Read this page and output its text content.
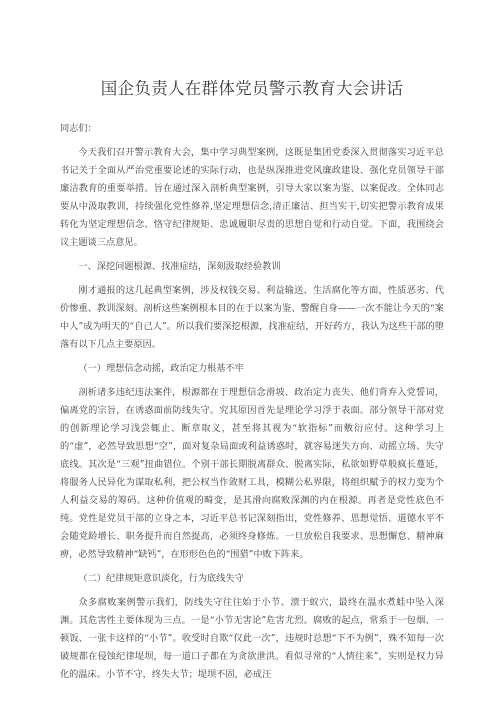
国企负责人在群体党员警示教育大会讲话

同志们：

今天我们召开警示教育大会，集中学习典型案例，这既是集团党委深入贯彻落实习近平总书记关于全面从严治党重要论述的实际行动，也是纵深推进党风廉政建设、强化党员领导干部廉洁教育的重要举措。旨在通过深入剖析典型案例，引导大家以案为鉴、以案促改。全体同志要从中汲取教训，持续强化党性修养,坚定理想信念,清正廉洁、担当实干,切实把警示教育成果转化为坚定理想信念、恪守纪律规矩、忠诚履职尽责的思想自觉和行动自觉。下面，我围绕会议主题谈三点意见。

一、深挖问题根源、找准症结，深刻汲取经验教训

刚才通报的这几起典型案例，涉及权钱交易、利益输送、生活腐化等方面，性质恶劣、代价惨重、教训深刻。剖析这些案例根本目的在于以案为鉴、警醒自身——一次不能让今天的“案中人”成为明天的“自己人”。所以我们要深挖根源，找准症结，开好药方，我认为这些干部的堕落有以下几点主要原因。

（一）理想信念动摇，政治定力根基不牢

剖析诸多违纪违法案件，根源都在于理想信念滑坡、政治定力丧失、他们背弃入党誓词，偏离党的宗旨，在诱惑面前防线失守。究其原因首先是理论学习浮于表面。部分领导干部对党的创新理论学习浅尝辄止、断章取义，甚至将其视为“软指标”而敷衍应付。这种学习上的“虚”，必然导致思想“空”，面对复杂局面或利益诱惑时，就容易迷失方向、动摇立场、失守底线。其次是“三观”扭曲错位。个别干部长期脱离群众、脱离实际，私欲如野草般疯长蔓延，将服务人民异化为谋取私利，把公权当作敛财工具，模糊公私界限，将组织赋予的权力变为个人利益交易的筹码。这种价值观的畸变，是其滑向腐败深渊的内在根源。再者是党性底色不纯。党性是党员干部的立身之本，习近平总书记深刻指出，党性修养、思想觉悟、道德水平不会随党龄增长、职务提升而自然提高，必须终身修炼。一旦放松自我要求、思想懈怠、精神麻痹，必然导致精神“缺钙”，在形形色色的“围猎”中败下阵来。

（二）纪律规矩意识淡化，行为底线失守

众多腐败案例警示我们，防线失守往往始于小节、溃于蚁穴，最终在温水煮蛙中坠入深渊。其危害性主要体现为三点。一是“小节无害论”危害尤烈。腐败的起点，常系于一包烟、一顿饭、一张卡这样的“小节”。收受时自欺“仅此一次”，违规时总想“下不为例”，殊不知每一次破规都在侵蚀纪律堤坝，每一道口子都在为贪欲泄洪。看似寻常的“人情往来”，实则是权力异化的温床。小节不守，终失大节；堤坝不固，必成汪
